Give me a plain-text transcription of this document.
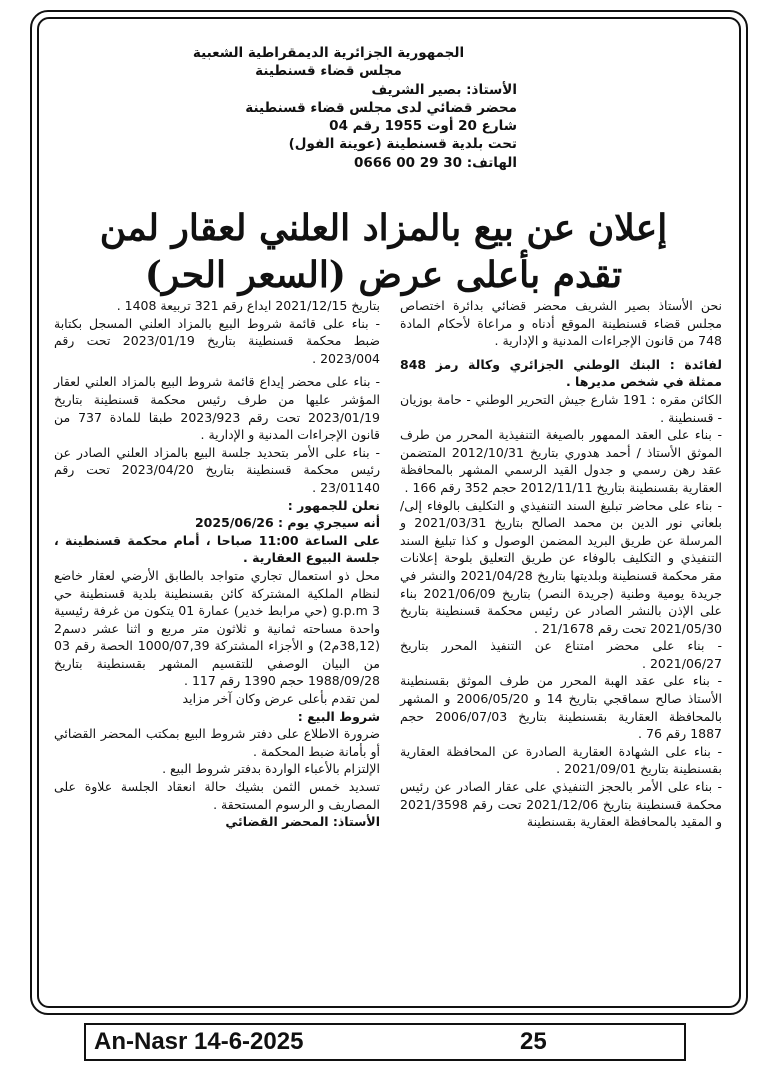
الجمهورية الجزائرية الديمقراطية الشعبية
مجلس قضاء قسنطينة
الأستاذ: بصير الشريف
محضر قضائي لدى مجلس قضاء قسنطينة
شارع 20 أوت 1955 رقم 04
تحت بلدية قسنطينة (عوينة الفول)
الهاتف: 30 29 00 0666
إعلان عن بيع بالمزاد العلني لعقار لمن تقدم بأعلى عرض (السعر الحر)

نحن الأستاذ بصير الشريف محضر قضائي بدائرة اختصاص مجلس قضاء قسنطينة الموقع أدناه و مراعاة لأحكام المادة 748 من قانون الإجراءات المدنية و الإدارية .

لفائدة : البنك الوطني الجزائري وكالة رمز 848 ممثلة في شخص مديرها .

الكائن مقره : 191 شارع جيش التحرير الوطني - حامة بوزيان - قسنطينة .

- بناء على العقد الممهور بالصيغة التنفيذية المحرر من طرف الموثق الأستاذ / أحمد هدوري بتاريخ 2012/10/31 المتضمن عقد رهن رسمي و جدول القيد الرسمي المشهر بالمحافظة العقارية بقسنطينة بتاريخ 2012/11/11 حجم 352 رقم 166 .

- بناء على محاضر تبليغ السند التنفيذي و التكليف بالوفاء إلى/ بلعاني نور الدين بن محمد الصالح بتاريخ 2021/03/31 و المرسلة عن طريق البريد المضمن الوصول و كذا تبليغ السند التنفيذي و التكليف بالوفاء عن طريق التعليق بلوحة إعلانات مقر محكمة قسنطينة وبلديتها بتاريخ 2021/04/28 والنشر في جريدة يومية وطنية (جريدة النصر) بتاريخ 2021/06/09 بناء على الإذن بالنشر الصادر عن رئيس محكمة قسنطينة بتاريخ 2021/05/30 تحت رقم 21/1678 .

- بناء على محضر امتناع عن التنفيذ المحرر بتاريخ 2021/06/27 .

- بناء على عقد الهبة المحرر من طرف الموثق بقسنطينة الأستاذ صالح سماقجي بتاريخ 14 و 2006/05/20 و المشهر بالمحافظة العقارية بقسنطينة بتاريخ 2006/07/03 حجم 1887 رقم 76 .

- بناء على الشهادة العقارية الصادرة عن المحافظة العقارية بقسنطينة بتاريخ 2021/09/01 .

- بناء على الأمر بالحجز التنفيذي على عقار الصادر عن رئيس محكمة قسنطينة بتاريخ 2021/12/06 تحت رقم 2021/3598 و المقيد بالمحافظة العقارية بقسنطينة

بتاريخ 2021/12/15 ايداع رقم 321 تربيعة 1408 .

- بناء على قائمة شروط البيع بالمزاد العلني المسجل بكتابة ضبط محكمة قسنطينة بتاريخ 2023/01/19 تحت رقم 2023/004 .

- بناء على محضر إيداع قائمة شروط البيع بالمزاد العلني لعقار المؤشر عليها من طرف رئيس محكمة قسنطينة بتاريخ 2023/01/19 تحت رقم 2023/923 طبقا للمادة 737 من قانون الإجراءات المدنية و الإدارية .

- بناء على الأمر بتحديد جلسة البيع بالمزاد العلني الصادر عن رئيس محكمة قسنطينة بتاريخ 2023/04/20 تحت رقم 23/01140 .

نعلن للجمهور :

أنه سيجري يوم : 2025/06/26

على الساعة 11:00 صباحا ، أمام محكمة قسنطينة ، جلسة البيوع العقارية .

محل ذو استعمال تجاري متواجد بالطابق الأرضي لعقار خاضع لنظام الملكية المشتركة كائن بقسنطينة بلدية قسنطينة حي g.p.m 3 (حي مرابط خدير) عمارة 01 يتكون من غرفة رئيسية واحدة مساحته ثمانية و ثلاثون متر مربع و اثنا عشر دسم2 (38,12م2) و الأجزاء المشتركة 1000/07,39 الحصة رقم 03 من البيان الوصفي للتقسيم المشهر بقسنطينة بتاريخ 1988/09/28 حجم 1390 رقم 117 .

لمن تقدم بأعلى عرض وكان آخر مزايد

شروط البيع :

ضرورة الاطلاع على دفتر شروط البيع بمكتب المحضر القضائي أو بأمانة ضبط المحكمة .

الإلتزام بالأعباء الواردة بدفتر شروط البيع .

تسديد خمس الثمن بشيك حالة انعقاد الجلسة علاوة على المصاريف و الرسوم المستحقة .

الأستاذ: المحضر القضائي

An-Nasr 14-6-2025	25
